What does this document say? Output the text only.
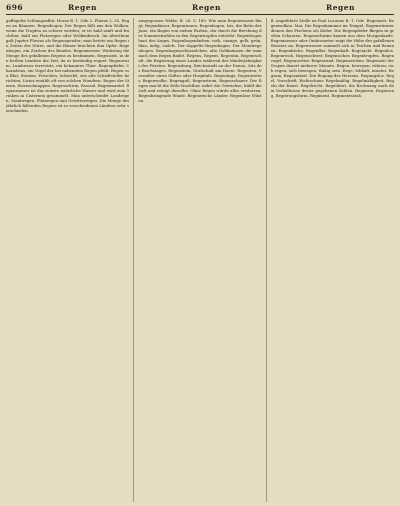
696	Regen	Regen	Regen

geflügelte Schlangenflut. Horaz B. 1. Ode 2. Plinius 2, 35. Regen an Bäumen. Regenbogen. Der Regen fällt aus den Wolken, wenn die Tropfen zu schwer werden; er ist bald sanft und fruchtbar, bald ein Platzregen oder Wolkenbruch. Im Alterthum galt Jupiter Pluvius als Regenspender; man betete um Regen in Zeiten der Dürre, und die Römer brachten ihm Opfer. Regenbogen, ein Zeichen des Bundes. Regenmesser, Werkzeug die Menge des gefallenen Regens zu bestimmen. Regenzeit, in den heißen Ländern die Zeit, da es beständig regnet. Regenwurm, Lumbricus terrestris, ein bekanntes Thier. Regenpfeifer, Charadrius, ein Vogel der bei nahendem Regen pfeift. Regen von Blut, Steinen, Fröschen, Schwefel, wie alte Schriftsteller berichten; Livius erzählt oft von solchen Wundern. Regen der Sterne, Sternschnuppen. Regenschirm, Parasol. Regenmantel. Regenwasser ist das reinste natürliche Wasser und wird zum Trinken in Cisternen gesammelt. Man unterscheidet Landregen, Staubregen, Platzregen und Gewitterregen. Die Menge des jährlich fallenden Regens ist in verschiedenen Ländern sehr verschieden.

ausgegossen Wolke. B. 26. S. 180. Wie man Regenwasser fängt; Regenfässer, Regenrinnen. Regenbogen, Iris, die Botin der Juno, ein Bogen von sieben Farben, der durch die Brechung der Sonnenstrahlen in den Regentropfen entsteht. Regenbogenhaut des Auges. Regenbogenfarben: roth, orange, gelb, grün, blau, indig, violett. Der doppelte Regenbogen. Der Mondregenbogen. Regenbogenschüsselchen, alte Goldmünzen die man nach dem Regen findet. Regens, Regent, Regentin, Regentschaft, die Regierung eines Landes während der Minderjährigkeit des Fürsten. Regensburg, Reichsstadt an der Donau, Sitz des Reichstages. Regenstein, Grafschaft am Harze. Regenten, Verwalter eines Stiftes oder Hospitals. Regentage, Regenwetter, Regenwolke. Regenguß. Regenstrom. Regenschauer. Der Regen macht die Erde fruchtbar, nährt die Gewächse, kühlt die Luft und reinigt dieselbe. Ohne Regen würde alles verdorren. Regenbringende Winde. Regenreiche Länder. Regenlose Wüsten.

B. angeführte Stelle an Paul Lucanus B. 1. Ode. Regenzeit. Regenwolken. Mai, Die Regenkammer im Tempel. Regenwürmer dienen den Fischern als Köder. Die Regenpfeifer fliegen in großen Schaaren. Regenschirme kamen aus dem Morgenlande. Regenmesser oder Ombrometer zeigt die Höhe des gefallenen Wassers an. Regenwasser sammelt sich in Teichen und Brunnen. Regenbäche. Regenflut. Regenhaft. Regenicht. Regenlos. Regenreich. Regenschwer. Regensicher. Regentropfen. Regenvogel. Regenwetter. Regenwind. Regenzeichen. Regenzeit der Tropen dauert mehrere Monate. Regen, bewegen, rühren; sich regen, sich bewegen, thätig sein. Rege, lebhaft, munter. Regsam, Regsamkeit. Die Regung des Herzens. Regungslos. Regel, Vorschrift, Richtschnur. Regelmäßig, Regelmäßigkeit. Regeln der Kunst. Regelrecht. Regeldetri, die Rechnung nach dem Verhältnisse dreier gegebenen Zahlen. Regieren, Regierung, Regierungsform, Regiment, Regimentsstab.
